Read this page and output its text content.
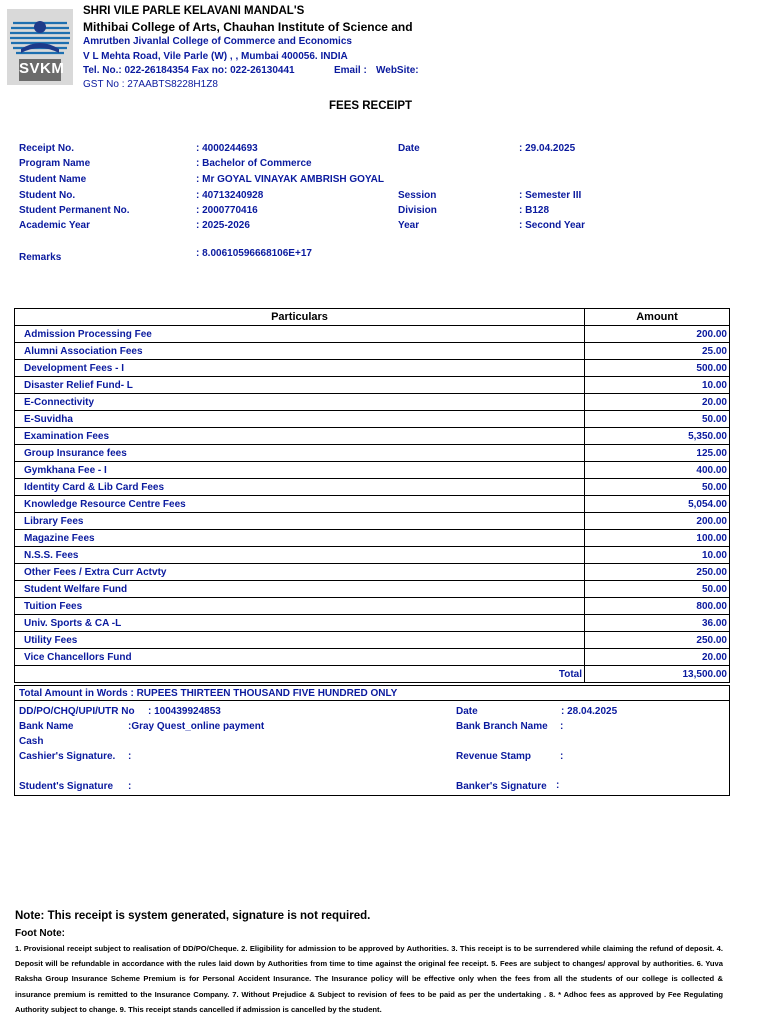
SVKM
SHRI VILE PARLE KELAVANI MANDAL'S
Mithibai College of Arts, Chauhan Institute of Science and
Amrutben Jivanlal College of Commerce and Economics
V L Mehta Road, Vile Parle (W) , , Mumbai 400056. INDIA
Tel. No.: 022-26184354 Fax no: 022-26130441	Email : WebSite:
GST No : 27AABTS8228H1Z8
FEES RECEIPT
Receipt No.	: 4000244693	Date	: 29.04.2025
Program Name	: Bachelor of Commerce
Student Name	: Mr GOYAL VINAYAK AMBRISH GOYAL
Student No.	: 40713240928	Session	: Semester III
Student Permanent No.	: 2000770416	Division	: B128
Academic Year	: 2025-2026	Year	: Second Year
Remarks	: 8.00610596668106E+17
Particulars	Amount
Admission Processing Fee	200.00
Alumni Association Fees	25.00
Development Fees - I	500.00
Disaster Relief Fund- L	10.00
E-Connectivity	20.00
E-Suvidha	50.00
Examination Fees	5,350.00
Group Insurance fees	125.00
Gymkhana Fee - I	400.00
Identity Card & Lib Card Fees	50.00
Knowledge Resource Centre Fees	5,054.00
Library Fees	200.00
Magazine Fees	100.00
N.S.S. Fees	10.00
Other Fees / Extra Curr Actvty	250.00
Student Welfare Fund	50.00
Tuition Fees	800.00
Univ. Sports & CA -L	36.00
Utility Fees	250.00
Vice Chancellors Fund	20.00
Total	13,500.00
Total Amount in Words : RUPEES THIRTEEN THOUSAND FIVE HUNDRED ONLY
DD/PO/CHQ/UPI/UTR No : 100439924853	Date	: 28.04.2025
Bank Name	:Gray Quest_online payment	Bank Branch Name :
Cash
Cashier's Signature. :	Revenue Stamp	:
Student's Signature :	Banker's Signature :
Note: This receipt is system generated, signature is not required.
Foot Note:
1. Provisional receipt subject to realisation of DD/PO/Cheque. 2. Eligibility for admission to be approved by Authorities. 3. This receipt is to be surrendered while claiming the refund of deposit. 4. Deposit will be refundable in accordance with the rules laid down by Authorities from time to time against the original fee receipt. 5. Fees are subject to changes/ approval by authorities. 6. Yuva Raksha Group Insurance Scheme Premium is for Personal Accident Insurance. The Insurance policy will be effective only when the fees from all the students of our college is collected & insurance premium is remitted to the Insurance Company. 7. Without Prejudice & Subject to revision of fees to be paid as per the undertaking . 8. * Adhoc fees as approved by Fee Regulating Authority subject to change. 9. This receipt stands cancelled if admission is cancelled by the student.
